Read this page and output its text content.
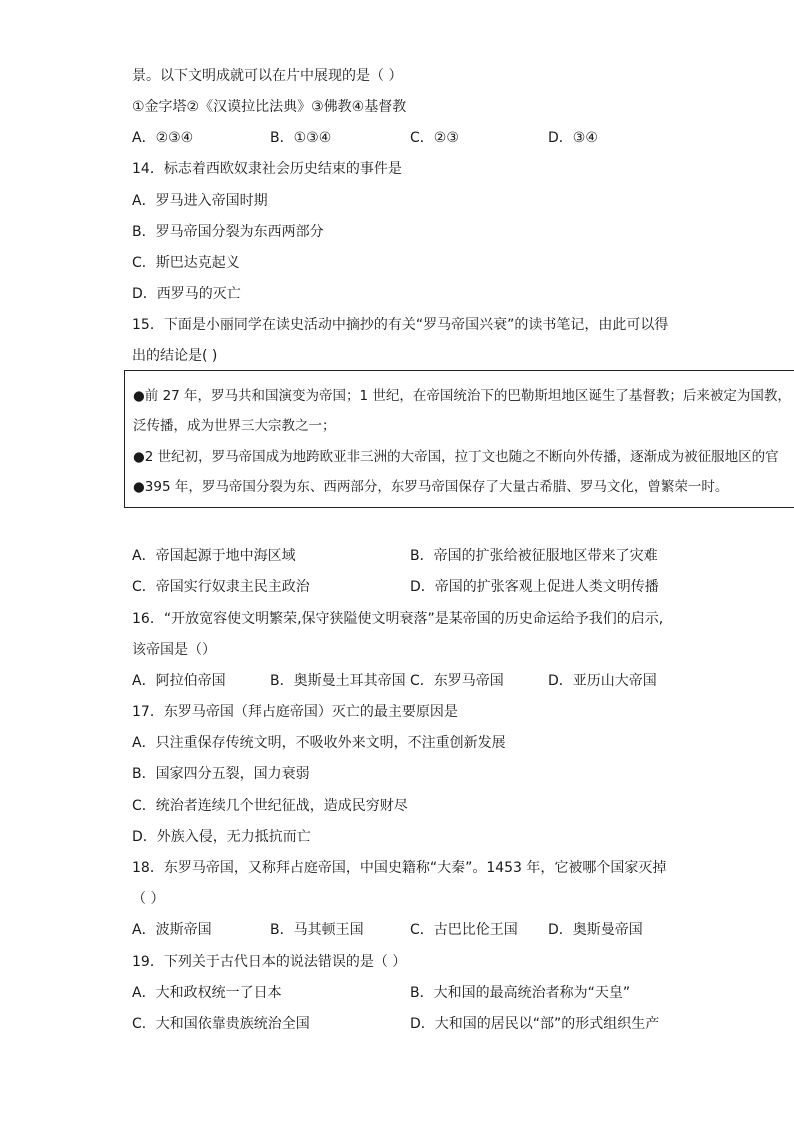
景。以下文明成就可以在片中展现的是（ ）
①金字塔②《汉谟拉比法典》③佛教④基督教
A．②③④	B．①③④	C．②③	D．③④
14．标志着西欧奴隶社会历史结束的事件是
A．罗马进入帝国时期
B．罗马帝国分裂为东西两部分
C．斯巴达克起义
D．西罗马的灭亡
15．下面是小丽同学在读史活动中摘抄的有关“罗马帝国兴衰”的读书笔记，由此可以得
出的结论是( )
●前 27 年，罗马共和国演变为帝国；1 世纪，在帝国统治下的巴勒斯坦地区诞生了基督教；后来被定为国教，
泛传播，成为世界三大宗教之一；
●2 世纪初，罗马帝国成为地跨欧亚非三洲的大帝国，拉丁文也随之不断向外传播，逐渐成为被征服地区的官
●395 年，罗马帝国分裂为东、西两部分，东罗马帝国保存了大量古希腊、罗马文化，曾繁荣一时。
A．帝国起源于地中海区域	B．帝国的扩张给被征服地区带来了灾难
C．帝国实行奴隶主民主政治	D．帝国的扩张客观上促进人类文明传播
16．“开放宽容使文明繁荣,保守狭隘使文明衰落”是某帝国的历史命运给予我们的启示,
该帝国是（）
A．阿拉伯帝国	B．奥斯曼土耳其帝国 C．东罗马帝国	D．亚历山大帝国
17．东罗马帝国（拜占庭帝国）灭亡的最主要原因是
A．只注重保存传统文明，不吸收外来文明，不注重创新发展
B．国家四分五裂，国力衰弱
C．统治者连续几个世纪征战，造成民穷财尽
D．外族入侵，无力抵抗而亡
18．东罗马帝国，又称拜占庭帝国，中国史籍称“大秦”。1453 年，它被哪个国家灭掉
（ ）
A．波斯帝国	B．马其顿王国	C．古巴比伦王国 D．奥斯曼帝国
19．下列关于古代日本的说法错误的是（ ）
A．大和政权统一了日本	B．大和国的最高统治者称为“天皇”
C．大和国依靠贵族统治全国	D．大和国的居民以“部”的形式组织生产
